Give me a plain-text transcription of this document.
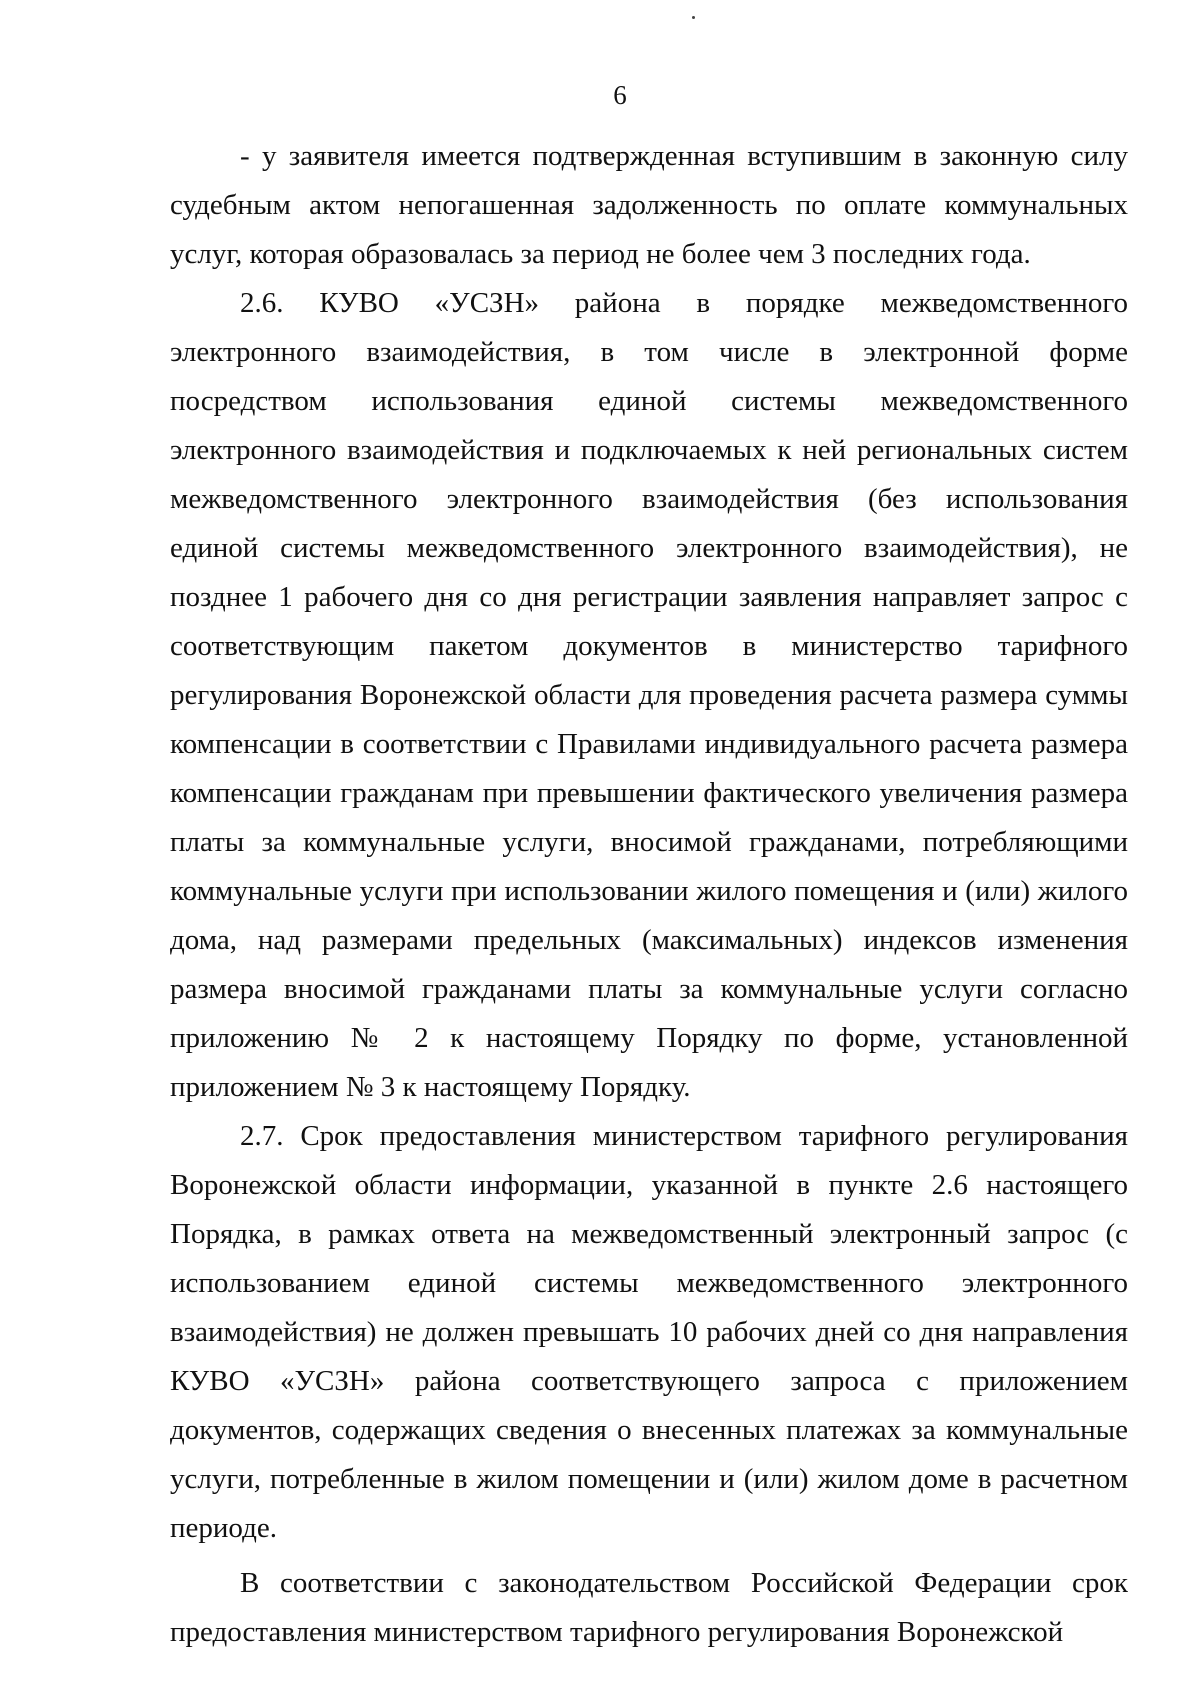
6

- у заявителя имеется подтвержденная вступившим в законную силу судебным актом непогашенная задолженность по оплате коммунальных услуг, которая образовалась за период не более чем 3 последних года.

2.6. КУВО «УСЗН» района в порядке межведомственного электронного взаимодействия, в том числе в электронной форме посредством использования единой системы межведомственного электронного взаимодействия и подключаемых к ней региональных систем межведомственного электронного взаимодействия (без использования единой системы межведомственного электронного взаимодействия), не позднее 1 рабочего дня со дня регистрации заявления направляет запрос с соответствующим пакетом документов в министерство тарифного регулирования Воронежской области для проведения расчета размера суммы компенсации в соответствии с Правилами индивидуального расчета размера компенсации гражданам при превышении фактического увеличения размера платы за коммунальные услуги, вносимой гражданами, потребляющими коммунальные услуги при использовании жилого помещения и (или) жилого дома, над размерами предельных (максимальных) индексов изменения размера вносимой гражданами платы за коммунальные услуги согласно приложению № 2 к настоящему Порядку по форме, установленной приложением № 3 к настоящему Порядку.

2.7. Срок предоставления министерством тарифного регулирования Воронежской области информации, указанной в пункте 2.6 настоящего Порядка, в рамках ответа на межведомственный электронный запрос (с использованием единой системы межведомственного электронного взаимодействия) не должен превышать 10 рабочих дней со дня направления КУВО «УСЗН» района соответствующего запроса с приложением документов, содержащих сведения о внесенных платежах за коммунальные услуги, потребленные в жилом помещении и (или) жилом доме в расчетном периоде.

В соответствии с законодательством Российской Федерации срок предоставления министерством тарифного регулирования Воронежской
